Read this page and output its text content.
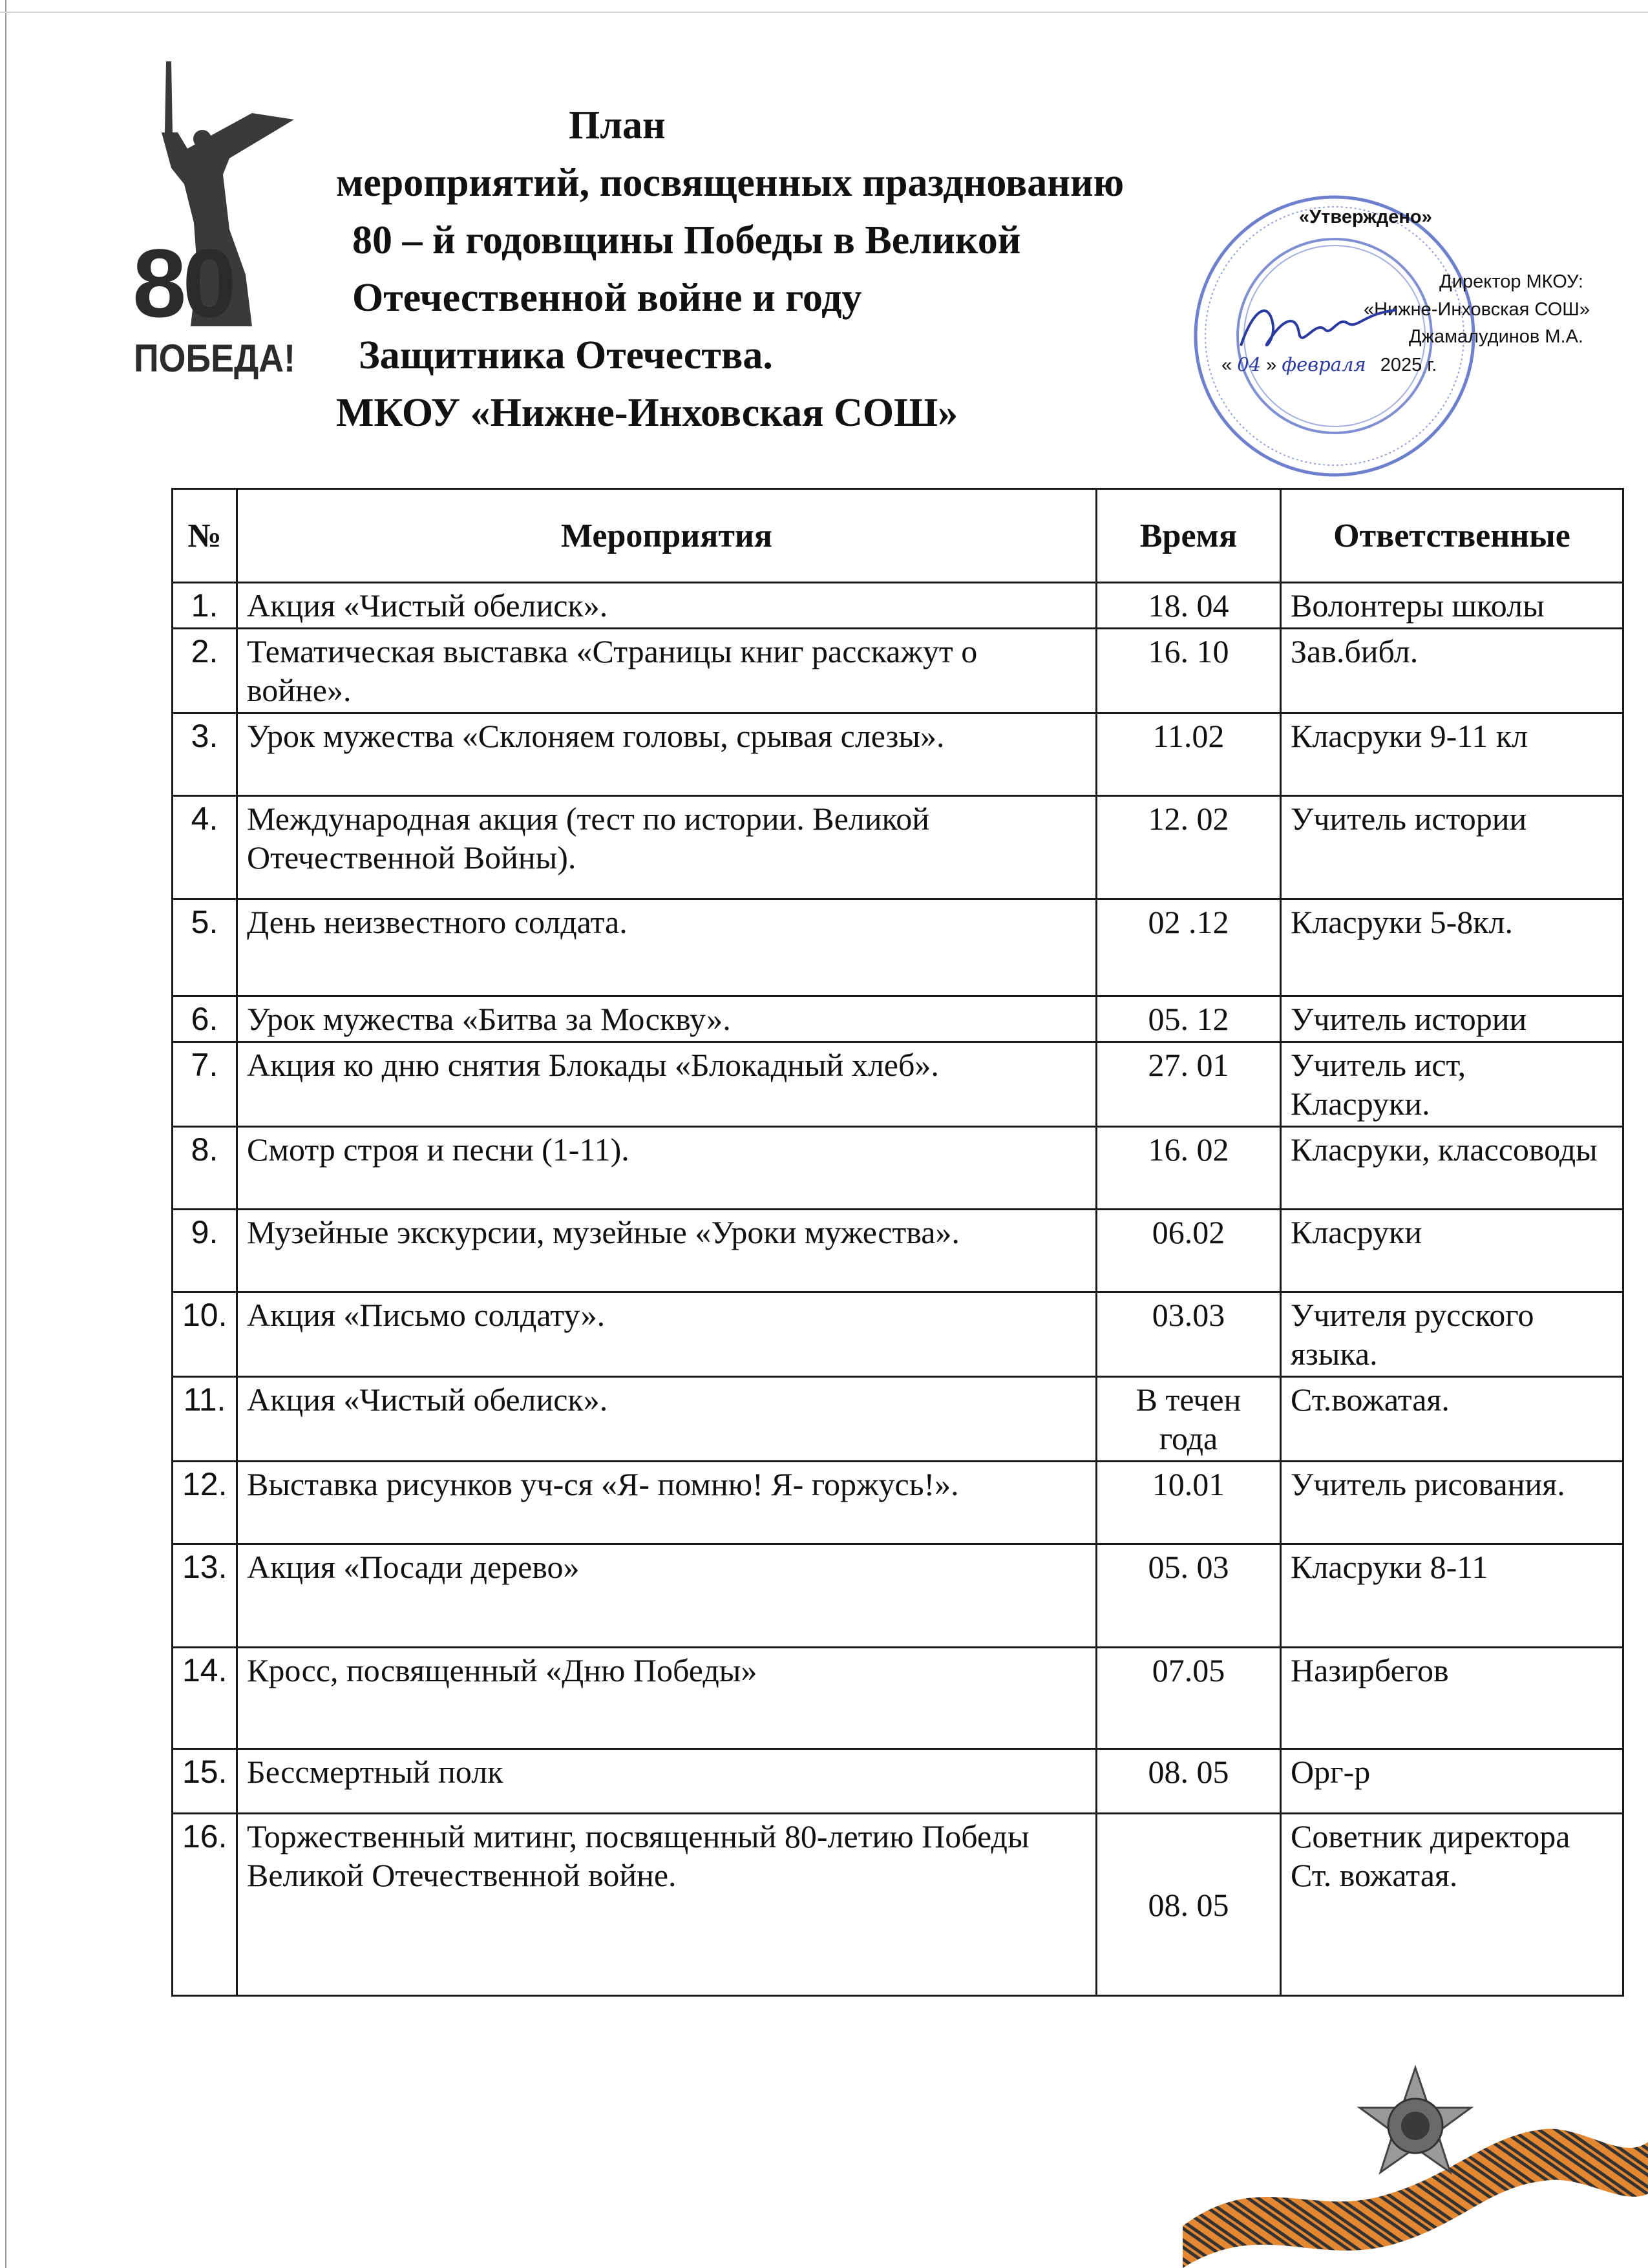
80
ПОБЕДА!
План
мероприятий, посвященных празднованию
80 – й годовщины Победы в Великой
Отечественной войне и году
Защитника Отечества.
МКОУ «Нижне-Инховская СОШ»
«Утверждено»
Директор МКОУ:
«Нижне-Инховская СОШ»
Джамалудинов М.А.
« 04 » февраля 2025 г.
№	Мероприятия	Время	Ответственные
1.	Акция «Чистый обелиск».	18. 04	Волонтеры школы
2.	Тематическая выставка «Страницы книг расскажут о войне».	16. 10	Зав.библ.
3.	Урок мужества «Склоняем головы, срывая слезы».	11.02	Класруки 9-11 кл
4.	Международная акция (тест по истории. Великой Отечественной Войны).	12. 02	Учитель истории
5.	День неизвестного солдата.	02 .12	Класруки 5-8кл.
6.	Урок мужества «Битва за Москву».	05. 12	Учитель истории
7.	Акция ко дню снятия Блокады «Блокадный хлеб».	27. 01	Учитель ист, Класруки.
8.	Смотр строя и песни (1-11).	16. 02	Класруки, классоводы
9.	Музейные экскурсии, музейные «Уроки мужества».	06.02	Класруки
10.	Акция «Письмо солдату».	03.03	Учителя русского языка.
11.	Акция «Чистый обелиск».	В течен года	Ст.вожатая.
12.	Выставка рисунков уч-ся «Я- помню! Я- горжусь!».	10.01	Учитель рисования.
13.	Акция «Посади дерево»	05. 03	Класруки 8-11
14.	Кросс, посвященный «Дню Победы»	07.05	Назирбегов
15.	Бессмертный полк	08. 05	Орг-р
16.	Торжественный митинг, посвященный 80-летию Победы Великой Отечественной войне.	08. 05	Советник директора Ст. вожатая.
